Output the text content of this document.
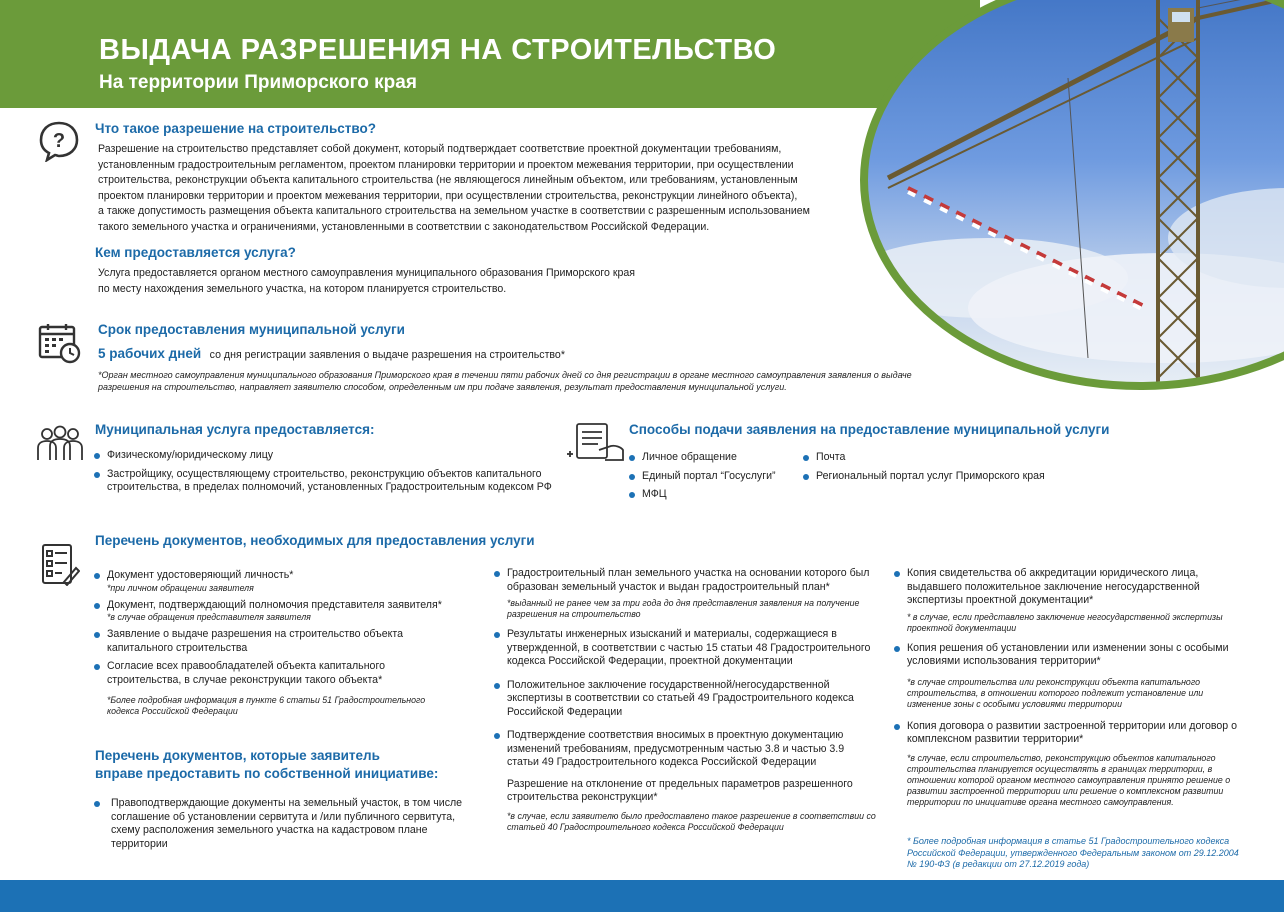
ВЫДАЧА РАЗРЕШЕНИЯ НА СТРОИТЕЛЬСТВО
На территории Приморского края
?
Что такое разрешение на строительство?
Разрешение на строительство представляет собой документ, который подтверждает соответствие проектной документации требованиям,
установленным градостроительным регламентом, проектом планировки территории и проектом межевания территории, при осуществлении
строительства, реконструкции объекта капитального строительства (не являющегося линейным объектом, или требованиям, установленным
проектом планировки территории и проектом межевания территории, при осуществлении строительства, реконструкции линейного объекта),
а также допустимость размещения объекта капитального строительства на земельном участке в соответствии с разрешенным использованием
такого земельного участка и ограничениями, установленными в соответствии с законодательством Российской Федерации.
Кем предоставляется услуга?
Услуга предоставляется органом местного самоуправления муниципального образования Приморского края
по месту нахождения земельного участка, на котором планируется строительство.
Срок предоставления муниципальной услуги
5 рабочих дней со дня регистрации заявления о выдаче разрешения на строительство*
*Орган местного самоуправления муниципального образования Приморского края в течении пяти рабочих дней со дня регистрации в органе местного самоуправления заявления о выдаче
разрешения на строительство, направляет заявителю способом, определенным им при подаче заявления, результат предоставления муниципальной услуги.
Муниципальная услуга предоставляется:
Физическому/юридическому лицу
Застройщику, осуществляющему строительство, реконструкцию объектов капитального строительства, в пределах полномочий, установленных Градостроительным кодексом РФ
Способы подачи заявления на предоставление муниципальной услуги
Личное обращение
Единый портал “Госуслуги”
МФЦ
Почта
Региональный портал услуг Приморского края
Перечень документов, необходимых для предоставления услуги
Документ удостоверяющий личность*
*при личном обращении заявителя
Документ, подтверждающий полномочия представителя заявителя*
*в случае обращения представителя заявителя
Заявление о выдаче разрешения на строительство объекта капитального строительства
Согласие всех правообладателей объекта капитального строительства, в случае реконструкции такого объекта*
*Более подробная информация в пункте 6 статьи 51 Градостроительного кодекса Российской Федерации
Перечень документов, которые заявитель
вправе предоставить по собственной инициативе:
Правоподтверждающие документы на земельный участок, в том числе соглашение об установлении сервитута и /или публичного сервитута, схему расположения земельного участка на кадастровом плане территории
Градостроительный план земельного участка на основании которого был образован земельный участок и выдан градостроительный план*
*выданный не ранее чем за три года до дня представления заявления на получение разрешения на строительство
Результаты инженерных изысканий и материалы, содержащиеся в утвержденной, в соответствии с частью 15 статьи 48 Градостроительного кодекса Российской Федерации, проектной документации
Положительное заключение государственной/негосударственной экспертизы в соответствии со статьей 49 Градостроительного кодекса Российской Федерации
Подтверждение соответствия вносимых в проектную документацию изменений требованиям, предусмотренным частью 3.8 и частью 3.9 статьи 49 Градостроительного кодекса Российской Федерации
Разрешение на отклонение от предельных параметров разрешенного строительства реконструкции*
*в случае, если заявителю было предоставлено такое разрешение в соответствии со статьей 40 Градостроительного кодекса Российской Федерации
Копия свидетельства об аккредитации юридического лица, выдавшего положительное заключение негосударственной экспертизы проектной документации*
* в случае, если представлено заключение негосударственной экспертизы проектной документации
Копия решения об установлении или изменении зоны с особыми условиями использования территории*
*в случае строительства или реконструкции объекта капитального строительства, в отношении которого подлежит установление или изменение зоны с особыми условиями территории
Копия договора о развитии застроенной территории или договор о комплексном развитии территории*
*в случае, если строительство, реконструкцию объектов капитального строительства планируется осуществлять в границах территории, в отношении которой органом местного самоуправления принято решение о развитии застроенной территории или решение о комплексном развитии территории по инициативе органа местного самоуправления.
* Более подробная информация в статье 51 Градостроительного кодекса Российской Федерации, утвержденного Федеральным законом от 29.12.2004 № 190-ФЗ (в редакции от 27.12.2019 года)
